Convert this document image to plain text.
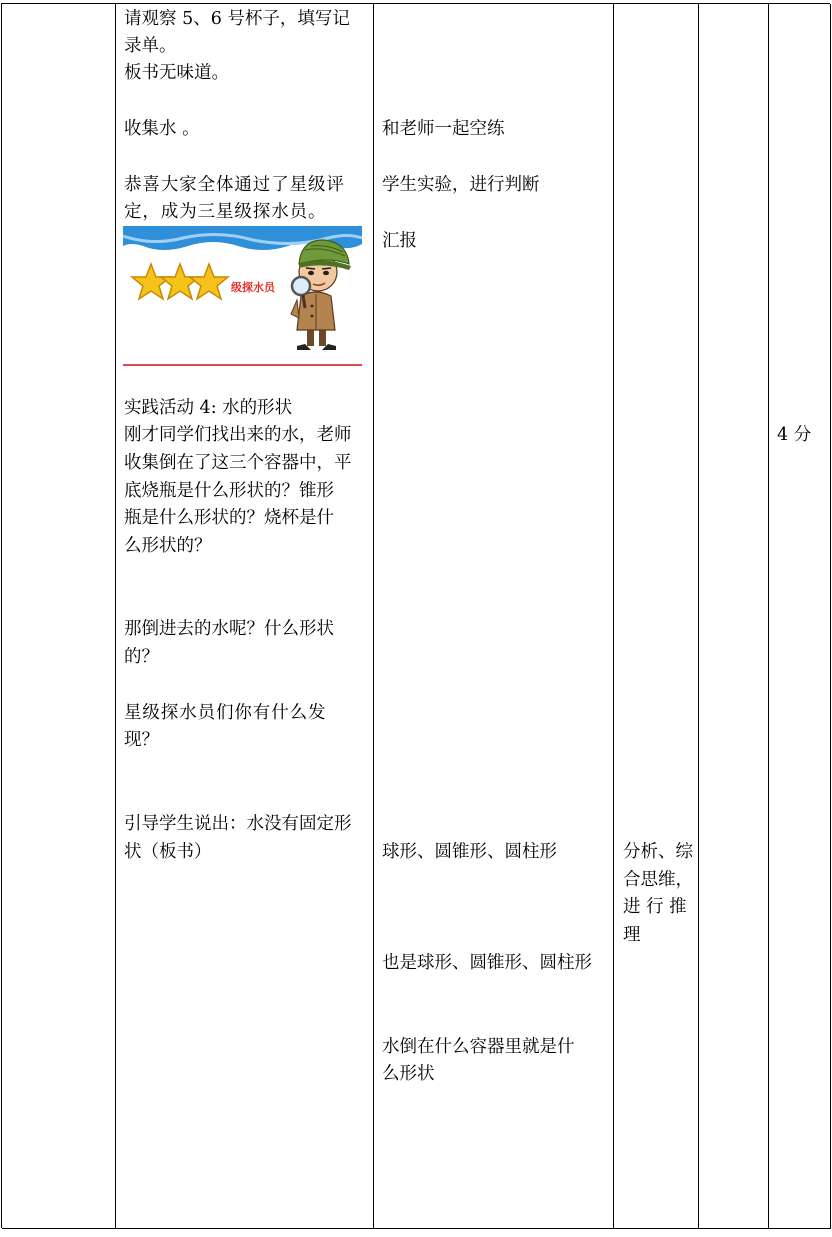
请观察 5、6 号杯子，填写记
录单。
板书无味道。
收集水 。
恭喜大家全体通过了星级评
定，成为三星级探水员。
级探水员
实践活动 4: 水的形状
刚才同学们找出来的水，老师
收集倒在了这三个容器中，平
底烧瓶是什么形状的？锥形
瓶是什么形状的？烧杯是什
么形状的？
那倒进去的水呢？什么形状
的？
星级探水员们你有什么发
现？
引导学生说出：水没有固定形
状（板书）
和老师一起空练
学生实验，进行判断
汇报
球形、圆锥形、圆柱形
也是球形、圆锥形、圆柱形
水倒在什么容器里就是什
么形状
分析、综
合思维，
进 行 推
理
4 分
